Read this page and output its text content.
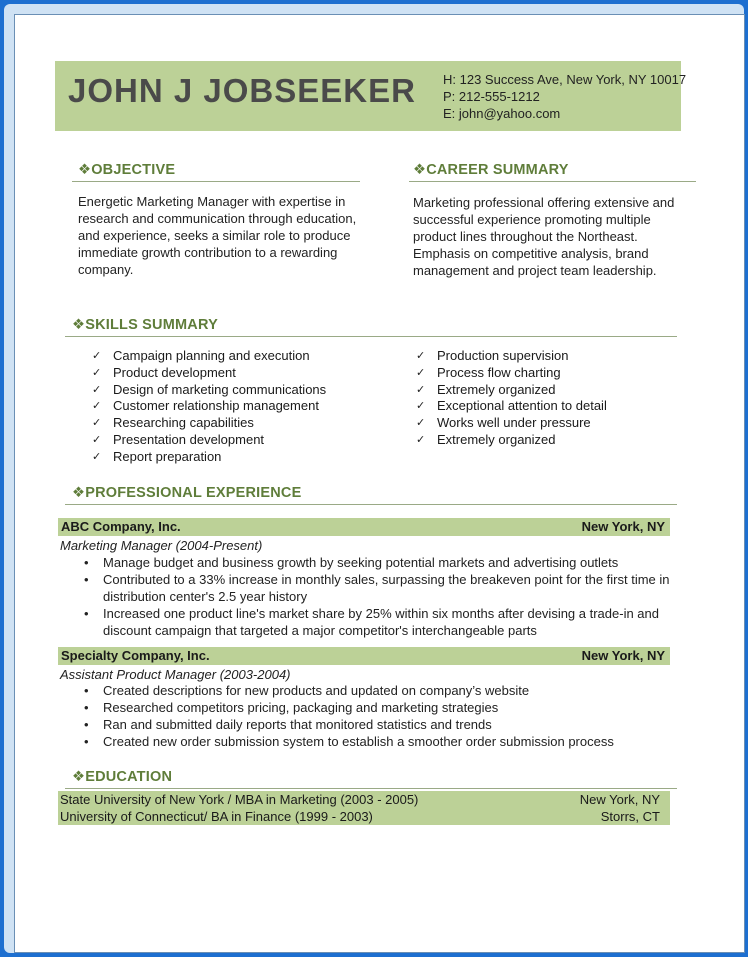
JOHN J JOBSEEKER H: 123 Success Ave, New York, NY 10017
P: 212-555-1212
E: john@yahoo.com
❖OBJECTIVE
Energetic Marketing Manager with expertise in research and communication through education, and experience, seeks a similar role to produce immediate growth contribution to a rewarding company.
❖CAREER SUMMARY
Marketing professional offering extensive and successful experience promoting multiple product lines throughout the Northeast. Emphasis on competitive analysis, brand management and project team leadership.
❖SKILLS SUMMARY
✓ Campaign planning and execution
✓ Product development
✓ Design of marketing communications
✓ Customer relationship management
✓ Researching capabilities
✓ Presentation development
✓ Report preparation
✓ Production supervision
✓ Process flow charting
✓ Extremely organized
✓ Exceptional attention to detail
✓ Works well under pressure
✓ Extremely organized
❖PROFESSIONAL EXPERIENCE
ABC Company, Inc.	New York, NY
Marketing Manager (2004-Present)
• Manage budget and business growth by seeking potential markets and advertising outlets
• Contributed to a 33% increase in monthly sales, surpassing the breakeven point for the first time in distribution center's 2.5 year history
• Increased one product line's market share by 25% within six months after devising a trade-in and discount campaign that targeted a major competitor's interchangeable parts
Specialty Company, Inc.	New York, NY
Assistant Product Manager (2003-2004)
• Created descriptions for new products and updated on company’s website
• Researched competitors pricing, packaging and marketing strategies
• Ran and submitted daily reports that monitored statistics and trends
• Created new order submission system to establish a smoother order submission process
❖EDUCATION
State University of New York / MBA in Marketing (2003 - 2005)	New York, NY
University of Connecticut/ BA in Finance (1999 - 2003)	Storrs, CT
